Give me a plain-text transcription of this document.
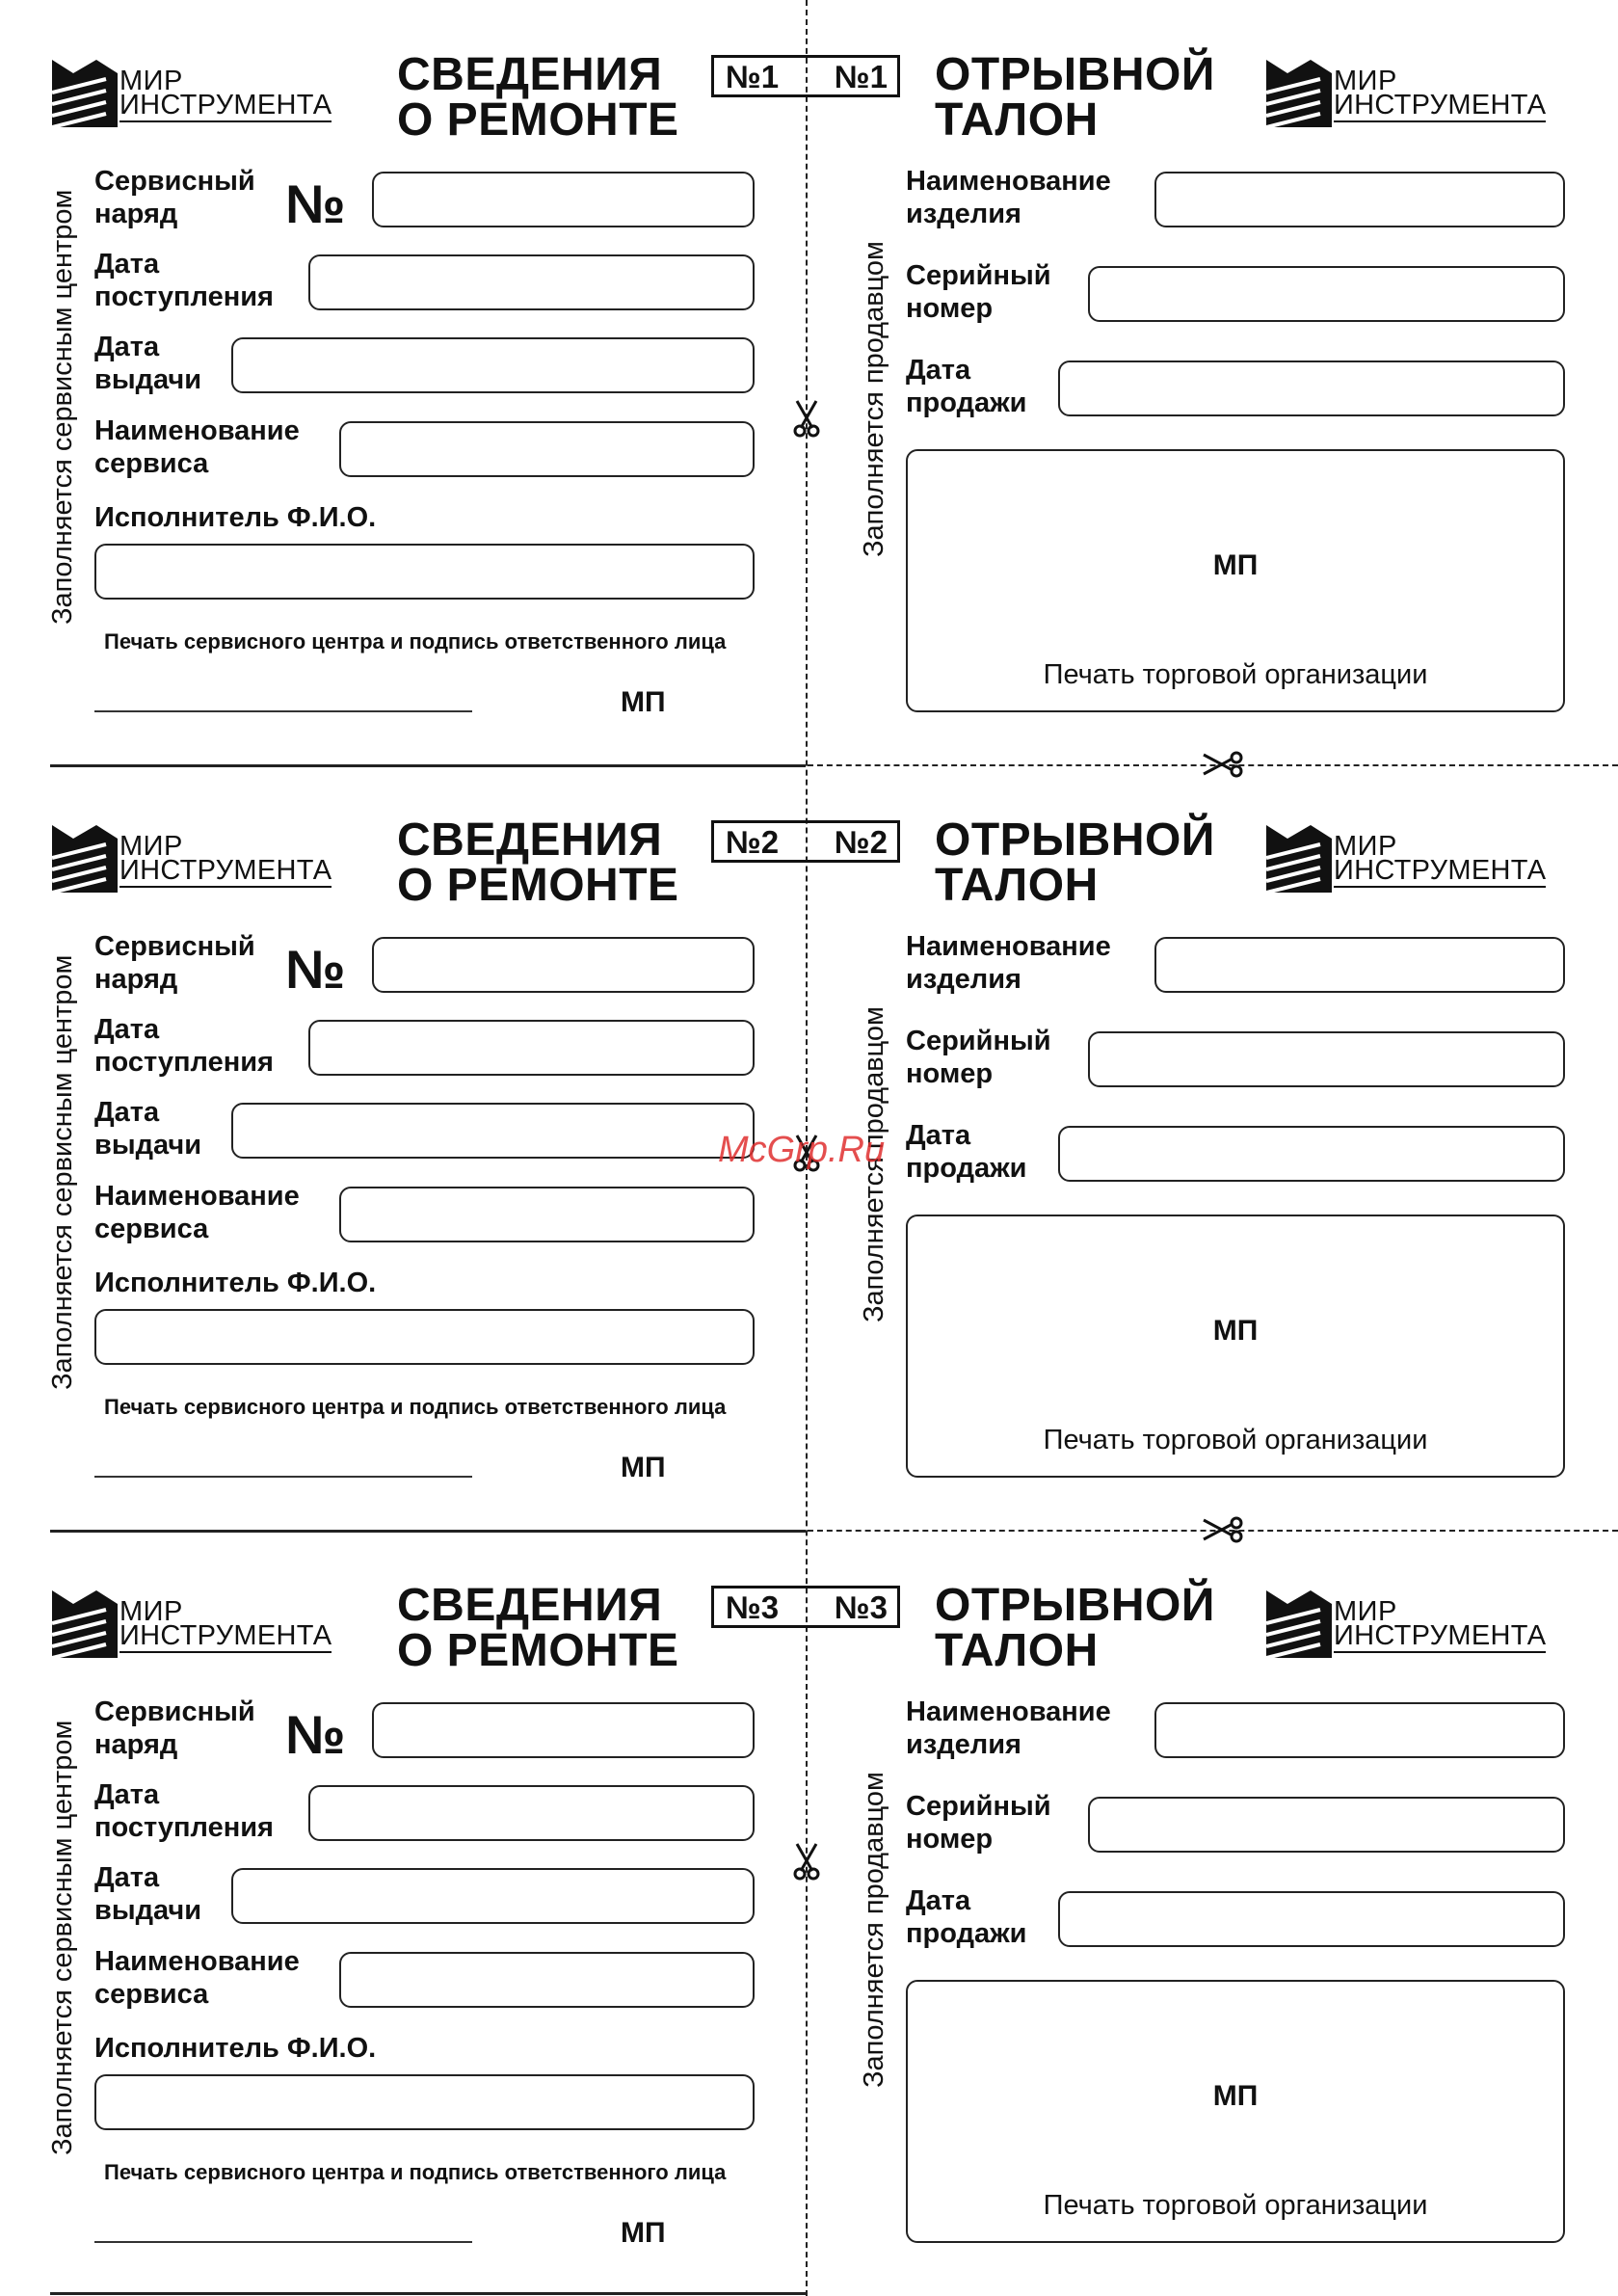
МИР
ИНСТРУМЕНТА
СВЕДЕНИЯ
О РЕМОНТЕ
№1 №1
Заполняется сервисным центром
Сервисный
наряд №
Дата
поступления
Дата
выдачи
Наименование
сервиса
Исполнитель Ф.И.О.
Печать сервисного центра и подпись ответственного лица
МП
ОТРЫВНОЙ
ТАЛОН
МИР
ИНСТРУМЕНТА
Заполняется продавцом
Наименование
изделия
Серийный
номер
Дата
продажи
МП
Печать торговой организации
МИР
ИНСТРУМЕНТА
СВЕДЕНИЯ
О РЕМОНТЕ
№2 №2
Заполняется сервисным центром
Сервисный
наряд №
Дата
поступления
Дата
выдачи
Наименование
сервиса
Исполнитель Ф.И.О.
Печать сервисного центра и подпись ответственного лица
МП
ОТРЫВНОЙ
ТАЛОН
МИР
ИНСТРУМЕНТА
Заполняется продавцом
Наименование
изделия
Серийный
номер
Дата
продажи
МП
Печать торговой организации
МИР
ИНСТРУМЕНТА
СВЕДЕНИЯ
О РЕМОНТЕ
№3 №3
Заполняется сервисным центром
Сервисный
наряд №
Дата
поступления
Дата
выдачи
Наименование
сервиса
Исполнитель Ф.И.О.
Печать сервисного центра и подпись ответственного лица
МП
ОТРЫВНОЙ
ТАЛОН
МИР
ИНСТРУМЕНТА
Заполняется продавцом
Наименование
изделия
Серийный
номер
Дата
продажи
МП
Печать торговой организации
McGrp.Ru
